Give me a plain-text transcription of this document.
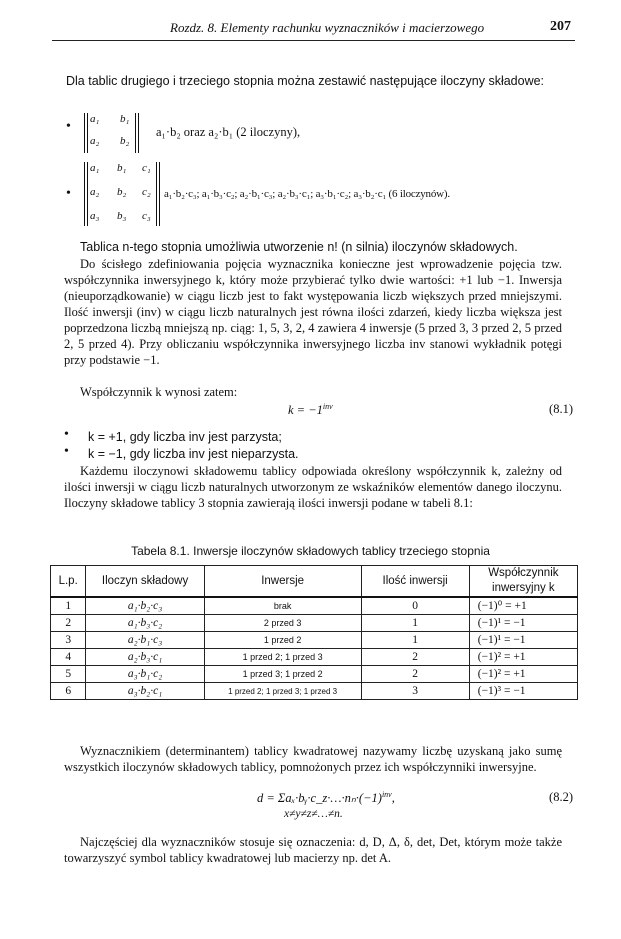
Rozdz. 8. Elementy rachunku wyznaczników i macierzowego	207
Dla tablic drugiego i trzeciego stopnia można zestawić następujące iloczyny składowe:
• a₁ b₁
a₂ b₂
a₁·b₂ oraz a₂·b₁ (2 iloczyny),
•
a₁ b₁ c₁
a₂ b₂ c₂
a₃ b₃ c₃
a₁·b₂·c₃; a₁·b₃·c₂; a₂·b₁·c₃; a₂·b₃·c₁; a₃·b₁·c₂; a₃·b₂·c₁ (6 iloczynów).
Tablica n-tego stopnia umożliwia utworzenie n! (n silnia) iloczynów składowych.
Do ścisłego zdefiniowania pojęcia wyznacznika konieczne jest wprowadzenie pojęcia tzw. współczynnika inwersyjnego k, który może przybierać tylko dwie wartości: +1 lub −1. Inwersja (nieuporządkowanie) w ciągu liczb jest to fakt występowania liczb większych przed mniejszymi. Ilość inwersji (inv) w ciągu liczb naturalnych jest równa ilości zdarzeń, kiedy liczba większa jest poprzedzona liczbą mniejszą np. ciąg: 1, 5, 3, 2, 4 zawiera 4 inwersje (5 przed 3, 3 przed 2, 5 przed 2, 5 przed 4). Przy obliczaniu współczynnika inwersyjnego liczba inv stanowi wykładnik potęgi przy podstawie −1.
Współczynnik k wynosi zatem:
$k = -1^{inv}$	(8.1)
• k = +1, gdy liczba inv jest parzysta;
• k = −1, gdy liczba inv jest nieparzysta.
Każdemu iloczynowi składowemu tablicy odpowiada określony współczynnik k, zależny od ilości inwersji w ciągu liczb naturalnych utworzonym ze wskaźników elementów danego iloczynu. Iloczyny składowe tablicy 3 stopnia zawierają ilości inwersji podane w tabeli 8.1:
Tabela 8.1. Inwersje iloczynów składowych tablicy trzeciego stopnia
L.p.	Iloczyn składowy	Inwersje	Ilość inwersji	Współczynnik inwersyjny k
1	a₁·b₂·c₃	brak	0	(−1)⁰ = +1
2	a₁·b₃·c₂	2 przed 3	1	(−1)¹ = −1
3	a₂·b₁·c₃	1 przed 2	1	(−1)¹ = −1
4	a₂·b₃·c₁	1 przed 2; 1 przed 3	2	(−1)² = +1
5	a₃·b₁·c₂	1 przed 3; 1 przed 2	2	(−1)² = +1
6	a₃·b₂·c₁	1 przed 2; 1 przed 3; 1 przed 3	3	(−1)³ = −1
Wyznacznikiem (determinantem) tablicy kwadratowej nazywamy liczbę uzyskaną jako sumę wszystkich iloczynów składowych tablicy, pomnożonych przez ich współczynniki inwersyjne.
$d = \Sigma a_x\cdot bᵧ\cdot c\_z\cdot\dots\cdot n_n\cdot(-1)^{inv}$,
x≠y≠z≠…≠n.
(8.2)
Najczęściej dla wyznaczników stosuje się oznaczenia: d, D, Δ, δ, det, Det, którym może także towarzyszyć symbol tablicy kwadratowej lub macierzy np. det A.
